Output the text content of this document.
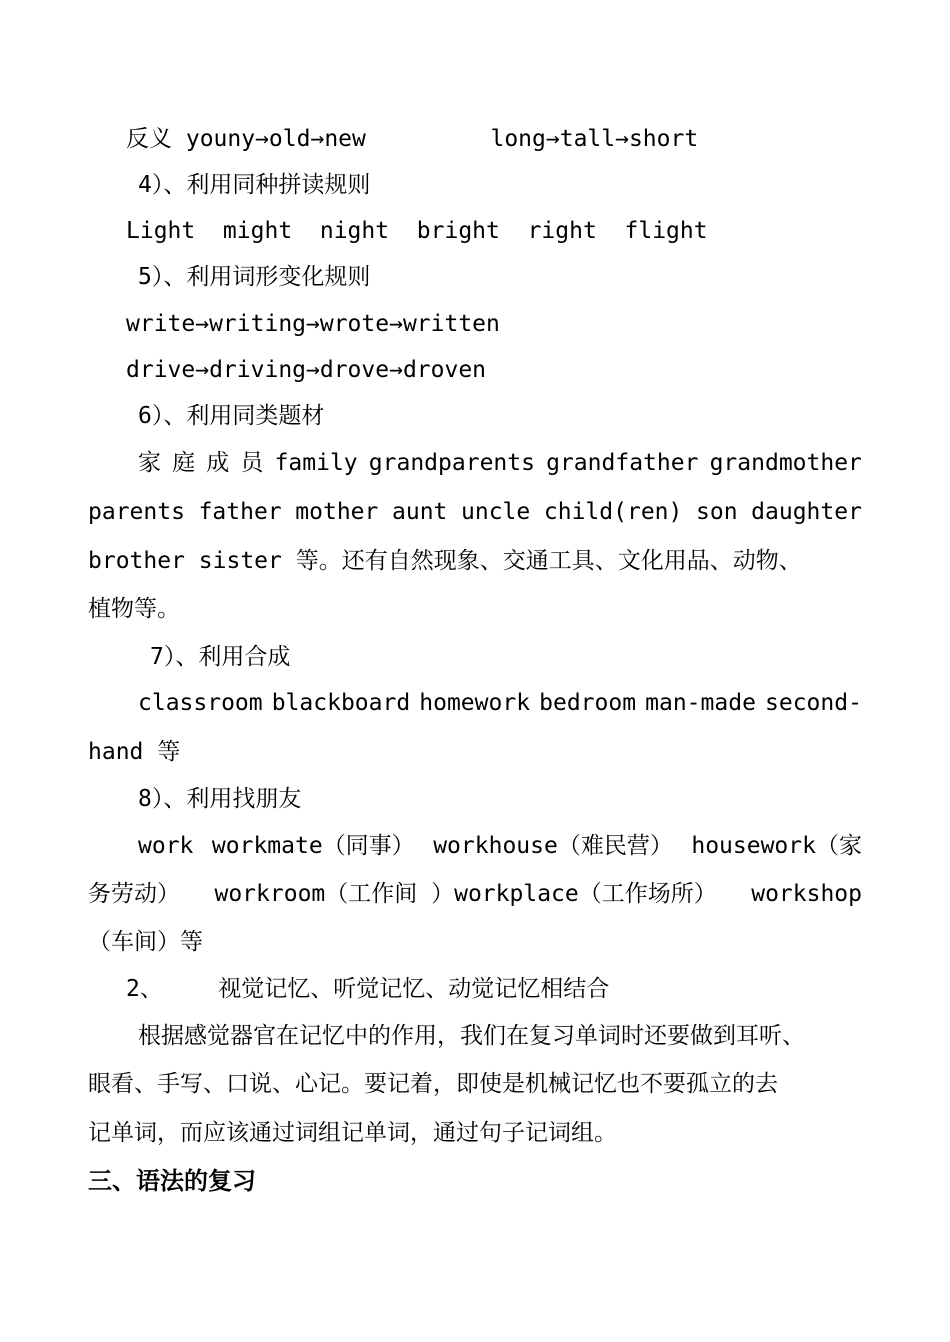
反义 youny→old→new         long→tall→short
4）、利用同种拼读规则
Light  might  night  bright  right  flight
5）、利用词形变化规则
write→writing→wrote→written
drive→driving→drove→droven
6）、利用同类题材
家 庭 成 员 family grandparents grandfather grandmother
parents father mother aunt uncle child(ren) son daughter
brother sister 等。还有自然现象、交通工具、文化用品、动物、
植物等。
7）、利用合成
classroom blackboard homework bedroom man-made second-
hand 等
8）、利用找朋友
work workmate（同事） workhouse（难民营） housework（家
务劳动） workroom（工作间 ）workplace（工作场所） workshop
（车间）等
2、    视觉记忆、听觉记忆、动觉记忆相结合
根据感觉器官在记忆中的作用，我们在复习单词时还要做到耳听、
眼看、手写、口说、心记。要记着，即使是机械记忆也不要孤立的去
记单词，而应该通过词组记单词，通过句子记词组。
三、语法的复习
